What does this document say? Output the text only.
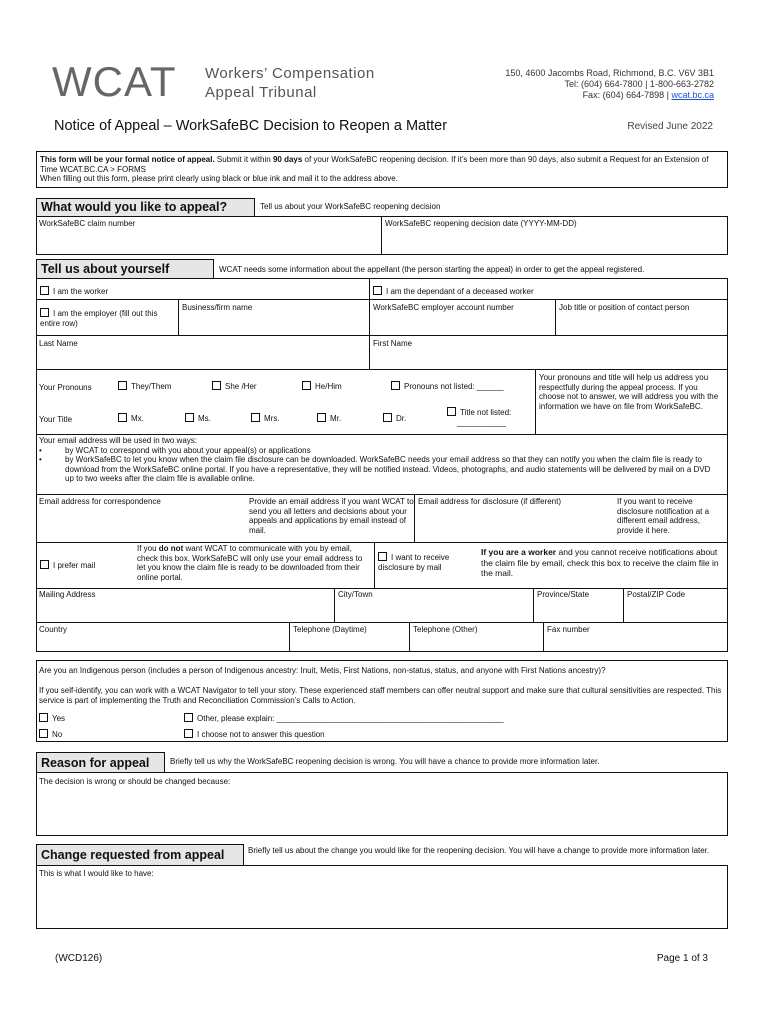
WCAT	Workers’ Compensation
Appeal Tribunal
150, 4600 Jacombs Road, Richmond, B.C. V6V 3B1
Tel: (604) 664-7800 | 1-800-663-2782
Fax: (604) 664-7898 | wcat.bc.ca
Notice of Appeal – WorkSafeBC Decision to Reopen a Matter	Revised June 2022
This form will be your formal notice of appeal. Submit it within 90 days of your WorkSafeBC reopening decision. If it’s been more than 90 days, also submit a Request for an Extension of Time WCAT.BC.CA > FORMS
When filling out this form, please print clearly using black or blue ink and mail it to the address above.
What would you like to appeal?	Tell us about your WorkSafeBC reopening decision
WorkSafeBC claim number	WorkSafeBC reopening decision date (YYYY-MM-DD)
Tell us about yourself	WCAT needs some information about the appellant (the person starting the appeal) in order to get the appeal registered.
I am the worker	I am the dependant of a deceased worker
I am the employer (fill out this entire row)
Business/firm name	WorkSafeBC employer account number	Job title or position of contact person
Last Name	First Name
Your Pronouns	They/Them	She /Her	He/Him	Pronouns not listed: ______
Your pronouns and title will help us address you respectfully during the appeal process. If you choose not to answer, we will address you with the information we have on file from WorkSafeBC.
Your Title	Mx.	Ms.	Mrs.	Mr.	Dr.
Title not listed:
___________
Your email address will be used in two ways:
• by WCAT to correspond with you about your appeal(s) or applications
• by WorkSafeBC to let you know when the claim file disclosure can be downloaded. WorkSafeBC needs your email address so that they can notify you when the claim file is ready to download from the WorkSafeBC online portal. If you have a representative, they will be notified instead. Videos, photographs, and audio statements will be delivered by mail on a DVD up to two weeks after the claim file is available online.
Email address for correspondence	Provide an email address if you want WCAT to send you all letters and decisions about your appeals and applications by email instead of mail.
Email address for disclosure (if different)	If you want to receive disclosure notification at a different email address, provide it here.
I prefer mail
If you do not want WCAT to communicate with you by email, check this box. WorkSafeBC will only use your email address to let you know the claim file is ready to be downloaded from their online portal.
I want to receive disclosure by mail
If you are a worker and you cannot receive notifications about the claim file by email, check this box to receive the claim file in the mail.
Mailing Address	City/Town	Province/State	Postal/ZIP Code
Country	Telephone (Daytime)	Telephone (Other)	Fax number
Are you an Indigenous person (includes a person of Indigenous ancestry: Inuit, Metis, First Nations, non-status, status, and anyone with First Nations ancestry)?
If you self-identify, you can work with a WCAT Navigator to tell your story. These experienced staff members can offer neutral support and make sure that cultural sensitivities are respected. This service is part of implementing the Truth and Reconciliation Commission’s Calls to Action.
Yes	Other, please explain: ___________________________________________________
No	I choose not to answer this question
Reason for appeal	Briefly tell us why the WorkSafeBC reopening decision is wrong. You will have a chance to provide more information later.
The decision is wrong or should be changed because:
Change requested from appeal	Briefly tell us about the change you would like for the reopening decision. You will have a change to provide more information later.
This is what I would like to have:
(WCD126)	Page 1 of 3
